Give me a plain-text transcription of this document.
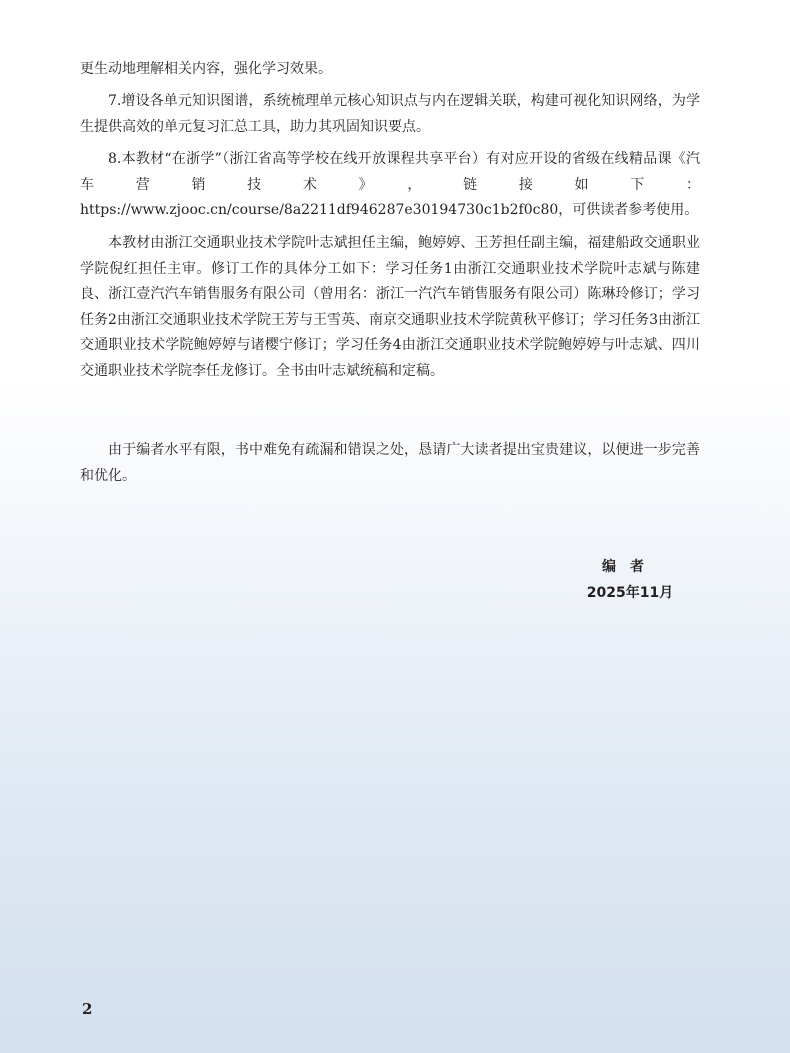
更生动地理解相关内容，强化学习效果。

7.增设各单元知识图谱，系统梳理单元核心知识点与内在逻辑关联，构建可视化知识网络，为学生提供高效的单元复习汇总工具，助力其巩固知识要点。

8.本教材“在浙学”（浙江省高等学校在线开放课程共享平台）有对应开设的省级在线精品课《汽车营销技术》，链接如下：https://www.zjooc.cn/course/8a2211df946287e30194730c1b2f0c80，可供读者参考使用。

本教材由浙江交通职业技术学院叶志斌担任主编，鲍婷婷、王芳担任副主编，福建船政交通职业学院倪红担任主审。修订工作的具体分工如下：学习任务1由浙江交通职业技术学院叶志斌与陈建良、浙江壹汽汽车销售服务有限公司（曾用名：浙江一汽汽车销售服务有限公司）陈琳玲修订；学习任务2由浙江交通职业技术学院王芳与王雪英、南京交通职业技术学院黄秋平修订；学习任务3由浙江交通职业技术学院鲍婷婷与诸樱宁修订；学习任务4由浙江交通职业技术学院鲍婷婷与叶志斌、四川交通职业技术学院李任龙修订。全书由叶志斌统稿和定稿。

由于编者水平有限，书中难免有疏漏和错误之处，恳请广大读者提出宝贵建议，以便进一步完善和优化。

编者
2025年11月
2
